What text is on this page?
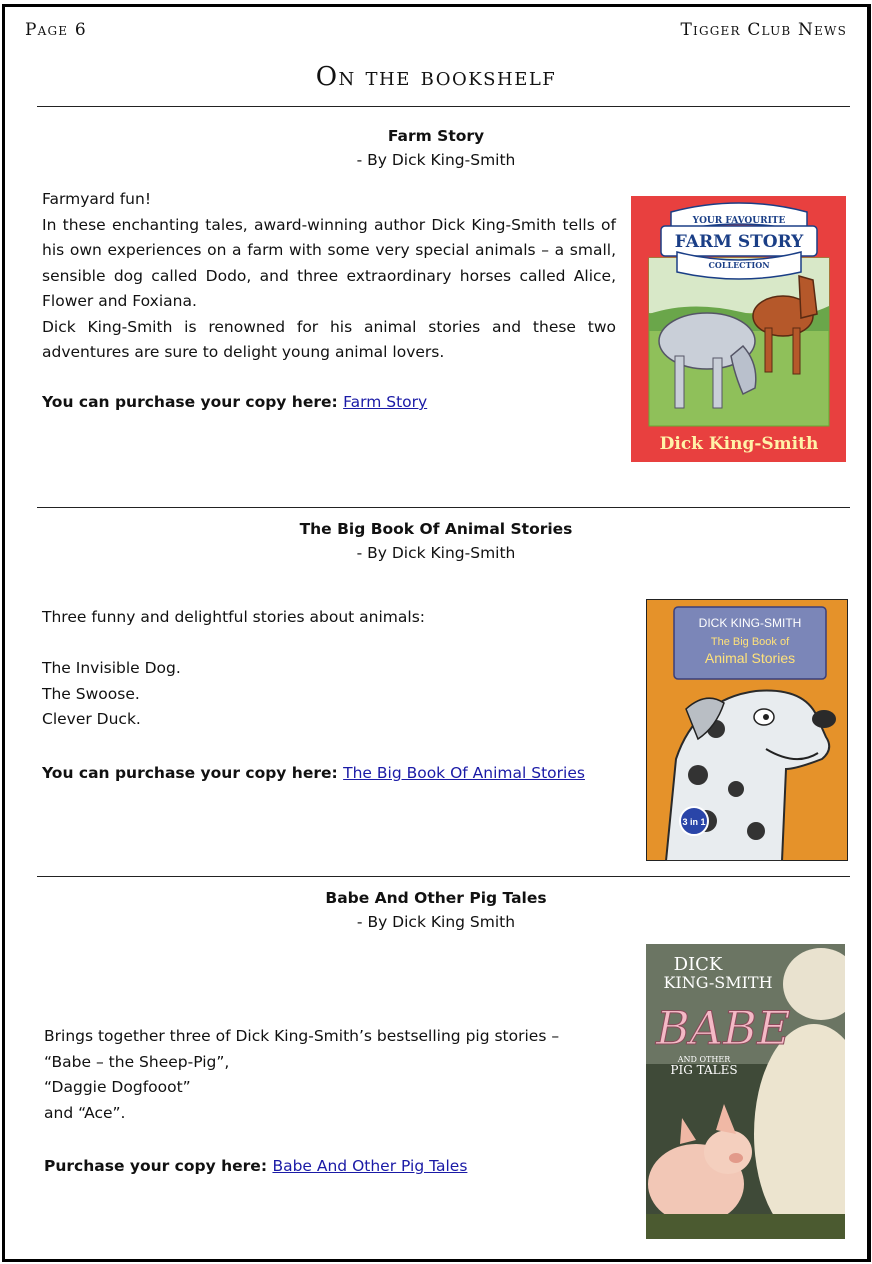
Page 6	Tigger Club News
On the bookshelf
Farm Story
- By Dick King-Smith

Farmyard fun!

In these enchanting tales, award-winning author Dick King-Smith tells of his own experiences on a farm with some very special animals – a small, sensible dog called Dodo, and three extraordinary horses called Alice, Flower and Foxiana.

Dick King-Smith is renowned for his animal stories and these two adventures are sure to delight young animal lovers.

You can purchase your copy here: Farm Story
YOUR FAVOURITE
FARM STORY
COLLECTION
Dick King-Smith
The Big Book Of Animal Stories
- By Dick King-Smith

Three funny and delightful stories about animals:

The Invisible Dog.

The Swoose.

Clever Duck.

You can purchase your copy here: The Big Book Of Animal Stories
DICK KING-SMITH
The Big Book of
Animal Stories
3 in 1
Babe And Other Pig Tales
- By Dick King Smith

Brings together three of Dick King-Smith’s bestselling pig stories –

“Babe – the Sheep-Pig”,

“Daggie Dogfooot”

and “Ace”.

Purchase your copy here: Babe And Other Pig Tales
DICK
KING-SMITH
BABE
AND OTHER
PIG TALES
